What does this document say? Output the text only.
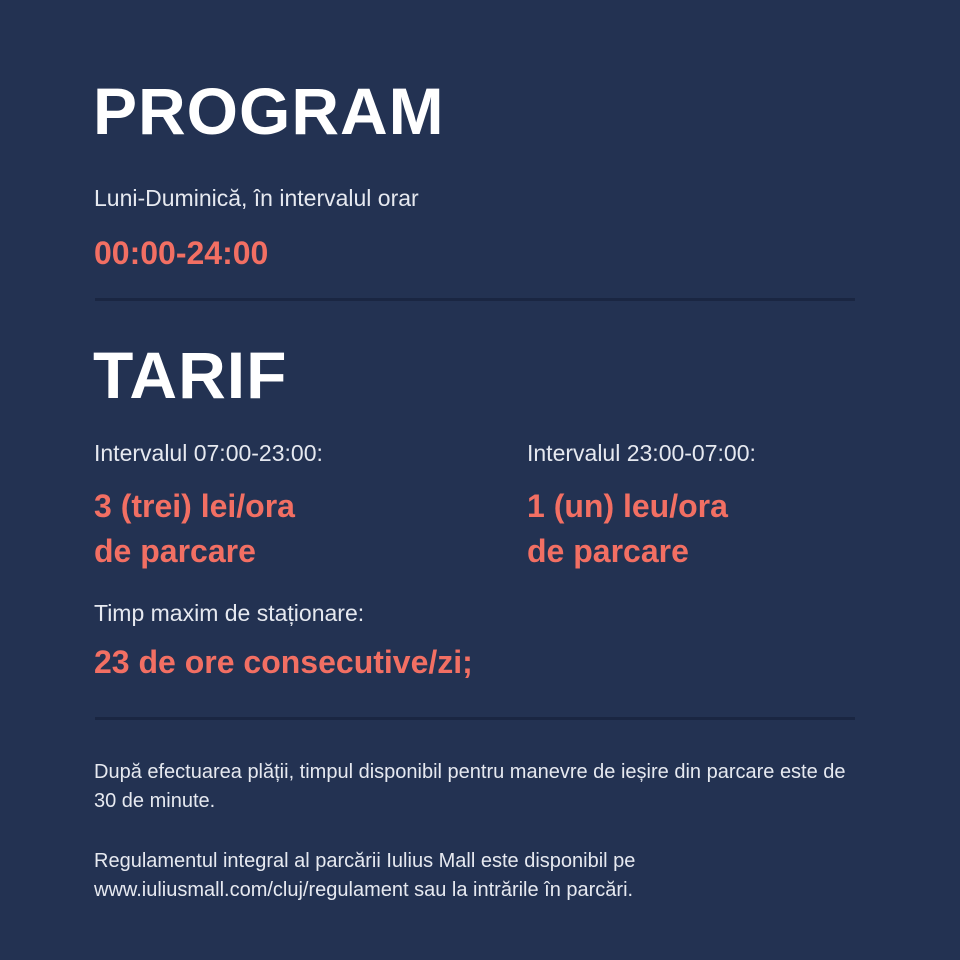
PROGRAM
Luni-Duminică, în intervalul orar
00:00-24:00
TARIF
Intervalul 07:00-23:00:
3 (trei) lei/ora
de parcare
Intervalul 23:00-07:00:
1 (un) leu/ora
de parcare
Timp maxim de staționare:
23 de ore consecutive/zi;
După efectuarea plății, timpul disponibil pentru manevre de ieșire din parcare este de 30 de minute.
Regulamentul integral al parcării Iulius Mall este disponibil pe www.iuliusmall.com/cluj/regulament sau la intrările în parcări.
